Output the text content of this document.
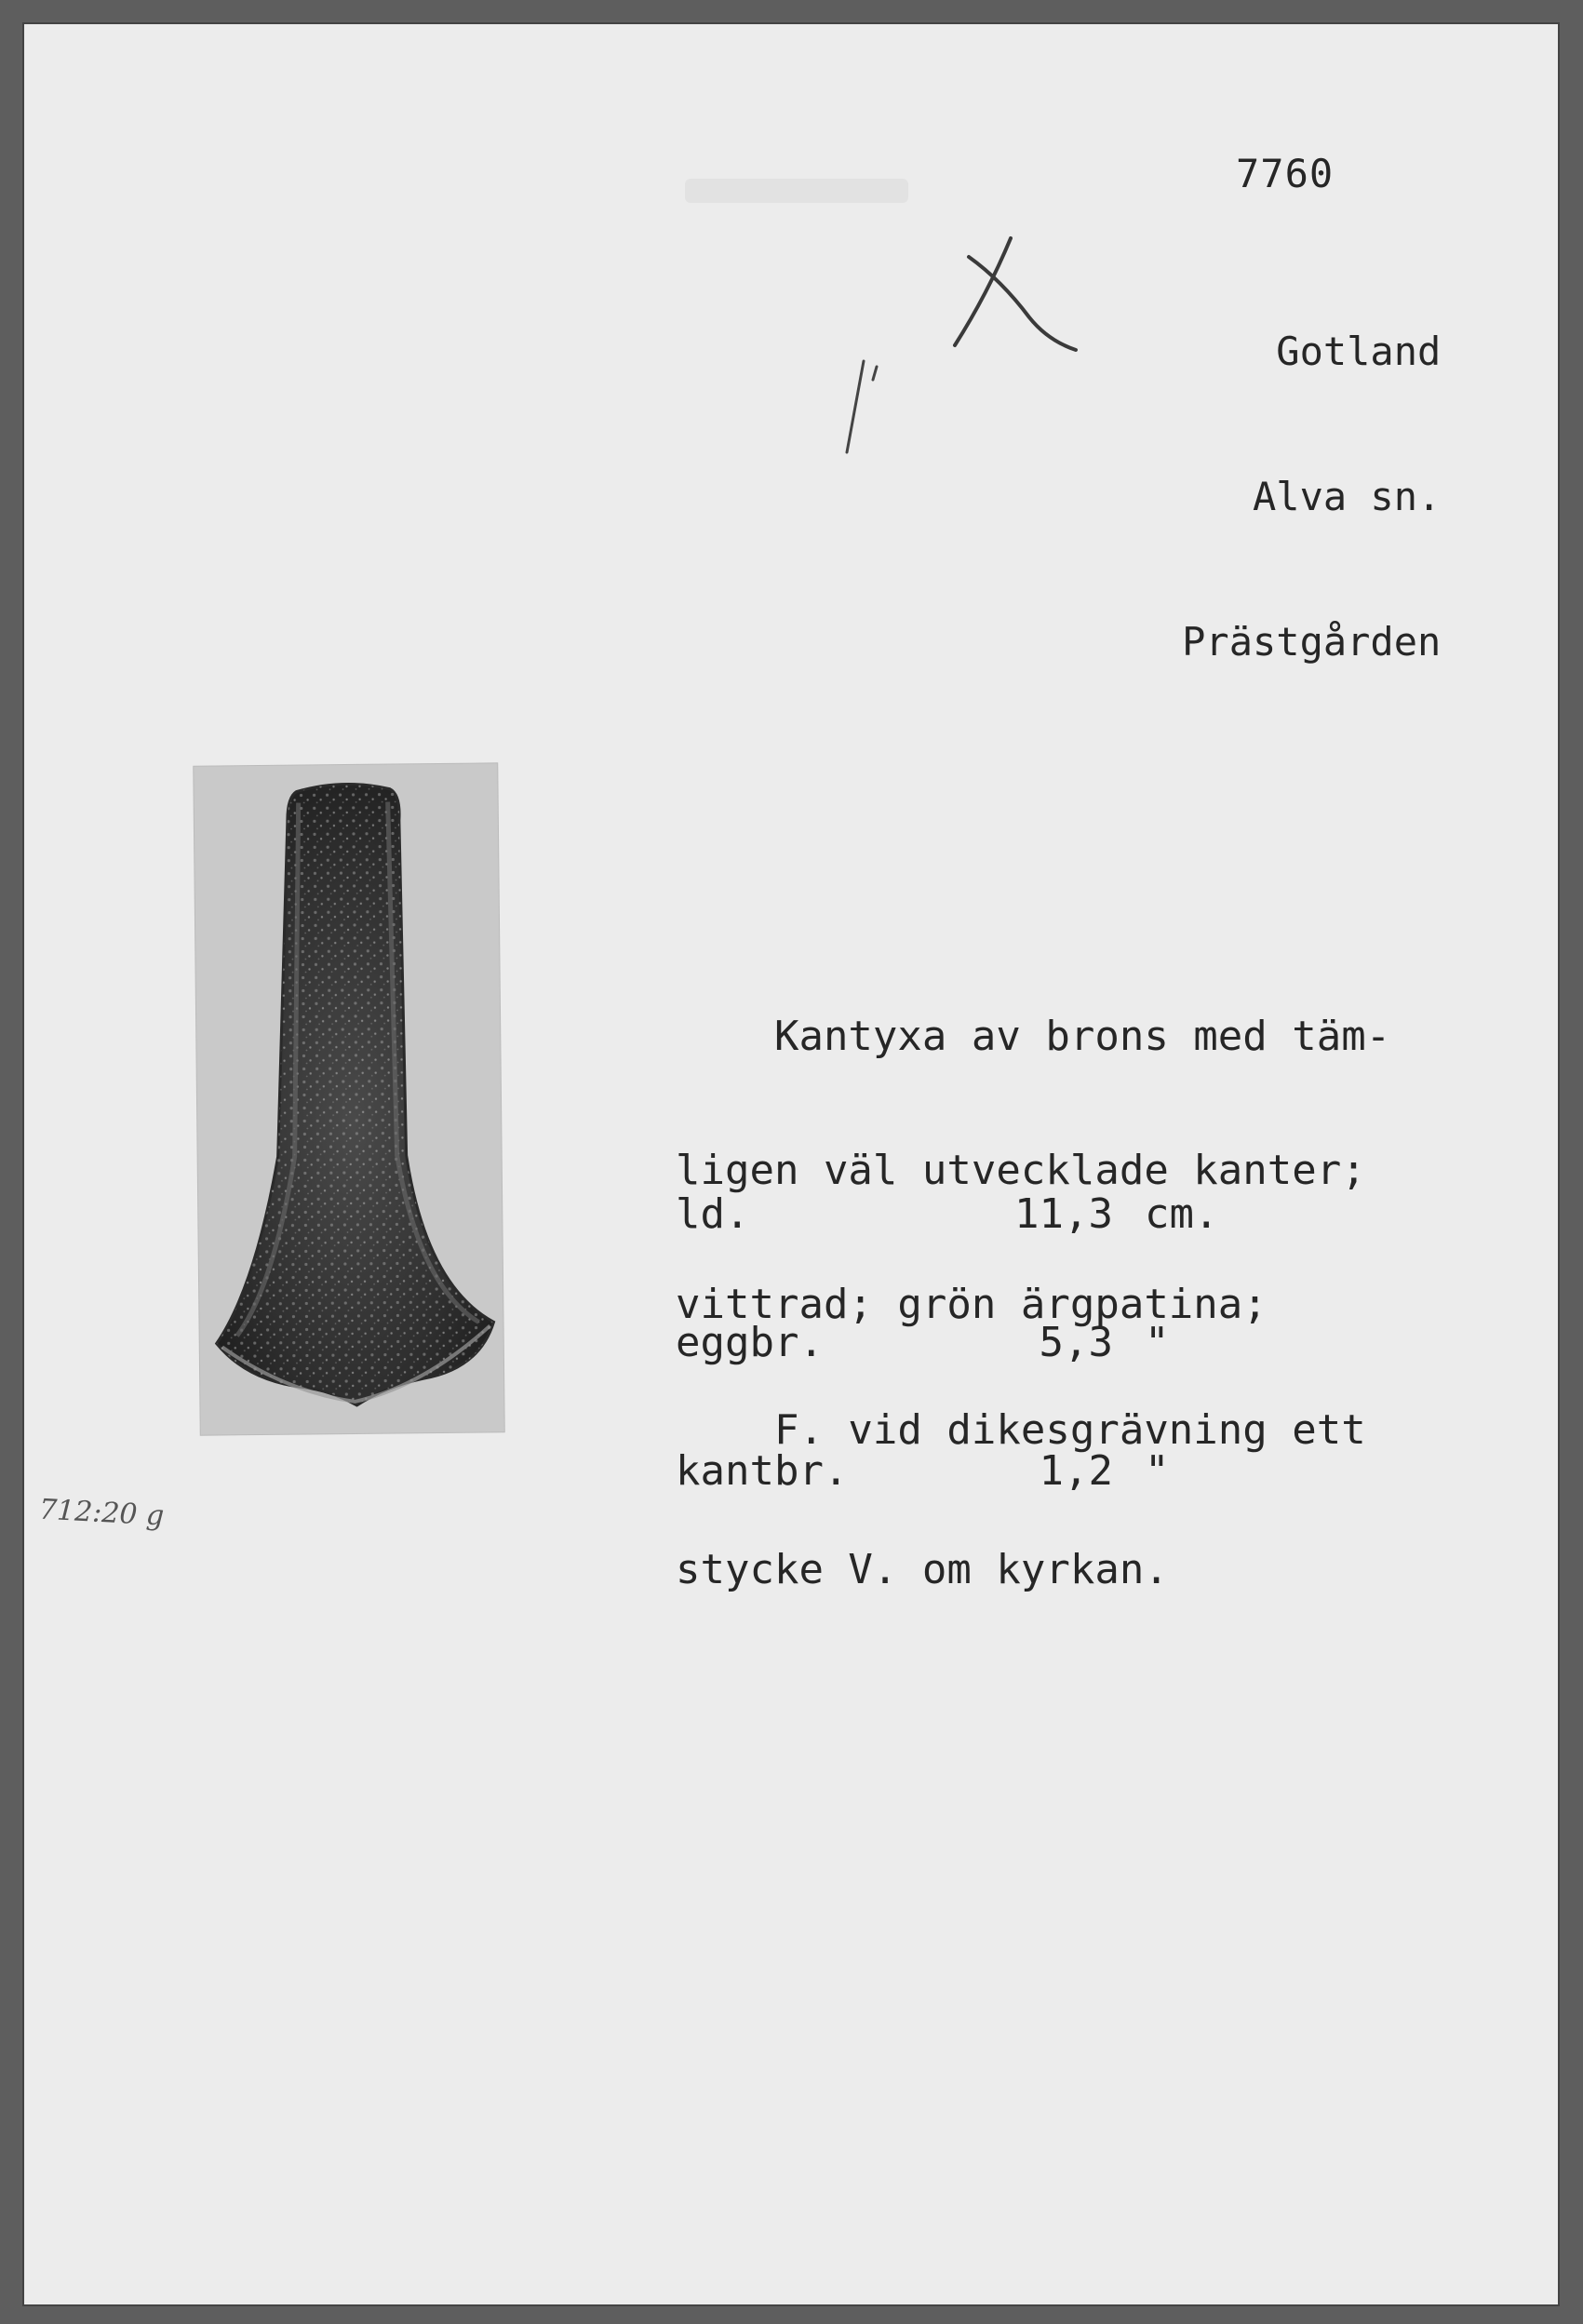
7760

Gotland

Alva sn.

Prästgården

Kantyxa av brons med täm-

ligen väl utvecklade kanter;

vittrad; grön ärgpatina;

ld.	11,3 cm.

eggbr.	5,3 "

kantbr.	1,2 "

F. vid dikesgrävning ett

stycke V. om kyrkan.

712:20 g
